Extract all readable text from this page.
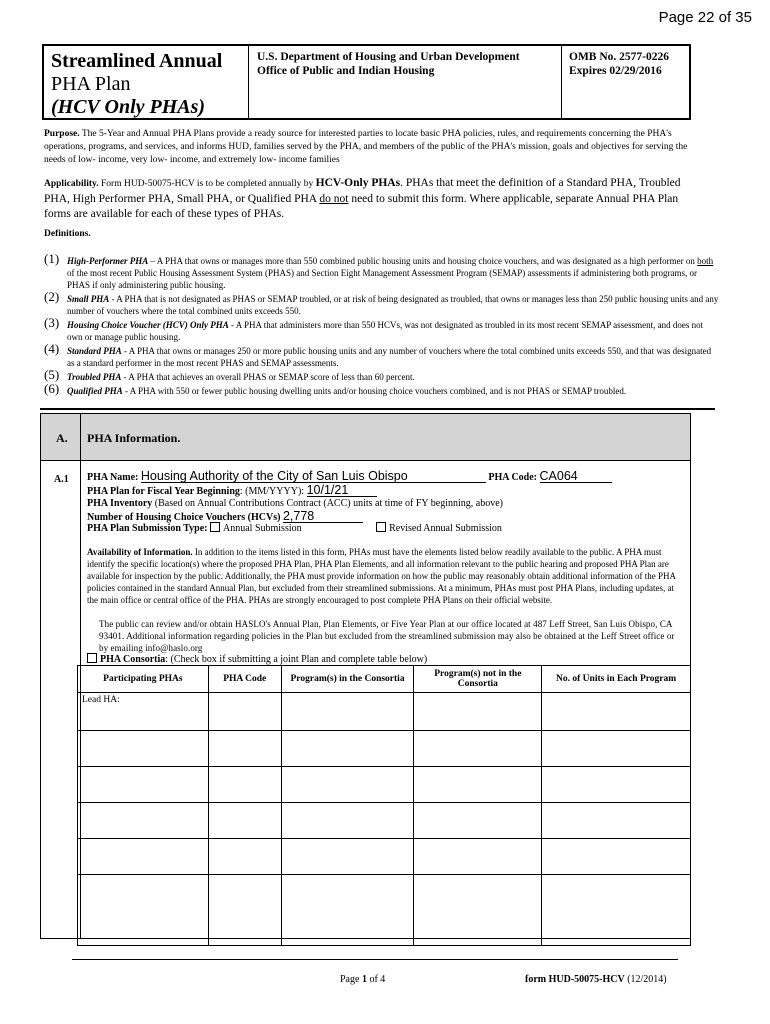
Page 22 of 35
Streamlined Annual
PHA Plan
(HCV Only PHAs)
U.S. Department of Housing and Urban Development
Office of Public and Indian Housing
OMB No. 2577-0226
Expires 02/29/2016
Purpose. The 5-Year and Annual PHA Plans provide a ready source for interested parties to locate basic PHA policies, rules, and requirements concerning the PHA's operations, programs, and services, and informs HUD, families served by the PHA, and members of the public of the PHA's mission, goals and objectives for serving the needs of low- income, very low- income, and extremely low- income families
Applicability. Form HUD-50075-HCV is to be completed annually by HCV-Only PHAs. PHAs that meet the definition of a Standard PHA, Troubled PHA, High Performer PHA, Small PHA, or Qualified PHA do not need to submit this form. Where applicable, separate Annual PHA Plan forms are available for each of these types of PHAs.
Definitions.
(1) High-Performer PHA – A PHA that owns or manages more than 550 combined public housing units and housing choice vouchers, and was designated as a high performer on both of the most recent Public Housing Assessment System (PHAS) and Section Eight Management Assessment Program (SEMAP) assessments if administering both programs, or PHAS if only administering public housing.
(2) Small PHA - A PHA that is not designated as PHAS or SEMAP troubled, or at risk of being designated as troubled, that owns or manages less than 250 public housing units and any number of vouchers where the total combined units exceeds 550.
(3) Housing Choice Voucher (HCV) Only PHA - A PHA that administers more than 550 HCVs, was not designated as troubled in its most recent SEMAP assessment, and does not own or manage public housing.
(4) Standard PHA - A PHA that owns or manages 250 or more public housing units and any number of vouchers where the total combined units exceeds 550, and that was designated as a standard performer in the most recent PHAS and SEMAP assessments.
(5) Troubled PHA - A PHA that achieves an overall PHAS or SEMAP score of less than 60 percent.
(6) Qualified PHA - A PHA with 550 or fewer public housing dwelling units and/or housing choice vouchers combined, and is not PHAS or SEMAP troubled.
A. PHA Information.
A.1 PHA Name: Housing Authority of the City of San Luis Obispo	PHA Code: CA064
PHA Plan for Fiscal Year Beginning: (MM/YYYY): 10/1/21
PHA Inventory (Based on Annual Contributions Contract (ACC) units at time of FY beginning, above)
Number of Housing Choice Vouchers (HCVs) 2,778
PHA Plan Submission Type: Annual Submission	Revised Annual Submission
Availability of Information. In addition to the items listed in this form, PHAs must have the elements listed below readily available to the public. A PHA must identify the specific location(s) where the proposed PHA Plan, PHA Plan Elements, and all information relevant to the public hearing and proposed PHA Plan are available for inspection by the public. Additionally, the PHA must provide information on how the public may reasonably obtain additional information of the PHA policies contained in the standard Annual Plan, but excluded from their streamlined submissions. At a minimum, PHAs must post PHA Plans, including updates, at the main office or central office of the PHA. PHAs are strongly encouraged to post complete PHA Plans on their official website.
The public can review and/or obtain HASLO's Annual Plan, Plan Elements, or Five Year Plan at our office located at 487 Leff Street, San Luis Obispo, CA 93401. Additional information regarding policies in the Plan but excluded from the streamlined submission may also be obtained at the Leff Street office or by emailing info@haslo.org
PHA Consortia: (Check box if submitting a joint Plan and complete table below)
Participating PHAs	PHA Code	Program(s) in the Consortia	Program(s) not in the Consortia	No. of Units in Each Program
Lead HA:				

Page 1 of 4	form HUD-50075-HCV (12/2014)
